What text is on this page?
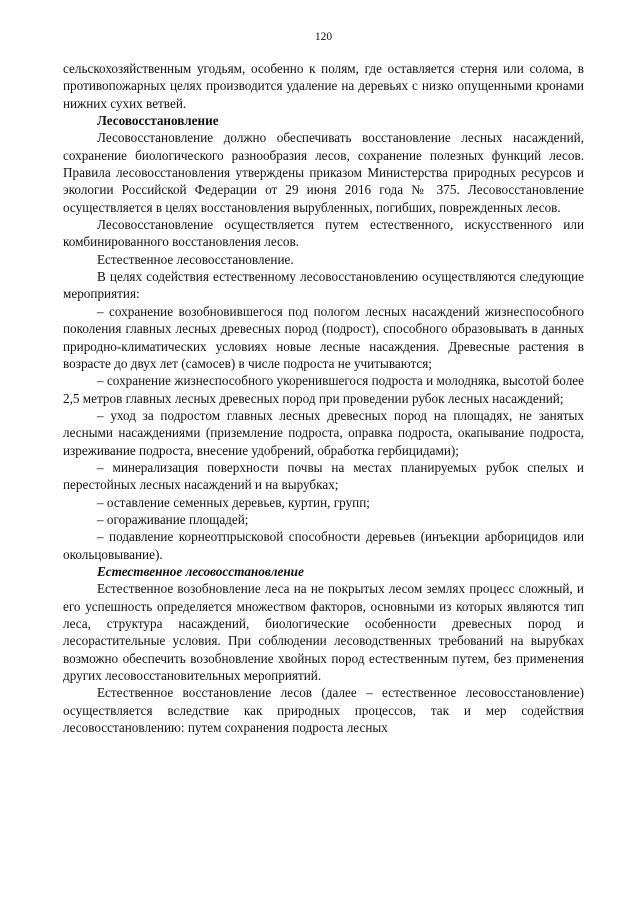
120

сельскохозяйственным угодьям, особенно к полям, где оставляется стерня или солома, в противопожарных целях производится удаление на деревьях с низко опущенными кронами нижних сухих ветвей.

Лесовосстановление

Лесовосстановление должно обеспечивать восстановление лесных насаждений, сохранение биологического разнообразия лесов, сохранение полезных функций лесов. Правила лесовосстановления утверждены приказом Министерства природных ресурсов и экологии Российской Федерации от 29 июня 2016 года № 375. Лесовосстановление осуществляется в целях восстановления вырубленных, погибших, поврежденных лесов.

Лесовосстановление осуществляется путем естественного, искусственного или комбинированного восстановления лесов.

Естественное лесовосстановление.

В целях содействия естественному лесовосстановлению осуществляются следующие мероприятия:

– сохранение возобновившегося под пологом лесных насаждений жизнеспособного поколения главных лесных древесных пород (подрост), способного образовывать в данных природно-климатических условиях новые лесные насаждения. Древесные растения в возрасте до двух лет (самосев) в числе подроста не учитываются;

– сохранение жизнеспособного укоренившегося подроста и молодняка, высотой более 2,5 метров главных лесных древесных пород при проведении рубок лесных насаждений;

– уход за подростом главных лесных древесных пород на площадях, не занятых лесными насаждениями (приземление подроста, оправка подроста, окапывание подроста, изреживание подроста, внесение удобрений, обработка гербицидами);

– минерализация поверхности почвы на местах планируемых рубок спелых и перестойных лесных насаждений и на вырубках;

– оставление семенных деревьев, куртин, групп;

– огораживание площадей;

– подавление корнеотпрысковой способности деревьев (инъекции арборицидов или окольцовывание).

Естественное лесовосстановление

Естественное возобновление леса на не покрытых лесом землях процесс сложный, и его успешность определяется множеством факторов, основными из которых являются тип леса, структура насаждений, биологические особенности древесных пород и лесорастительные условия. При соблюдении лесоводственных требований на вырубках возможно обеспечить возобновление хвойных пород естественным путем, без применения других лесовосстановительных мероприятий.

Естественное восстановление лесов (далее – естественное лесовосстановление) осуществляется вследствие как природных процессов, так и мер содействия лесовосстановлению: путем сохранения подроста лесных
